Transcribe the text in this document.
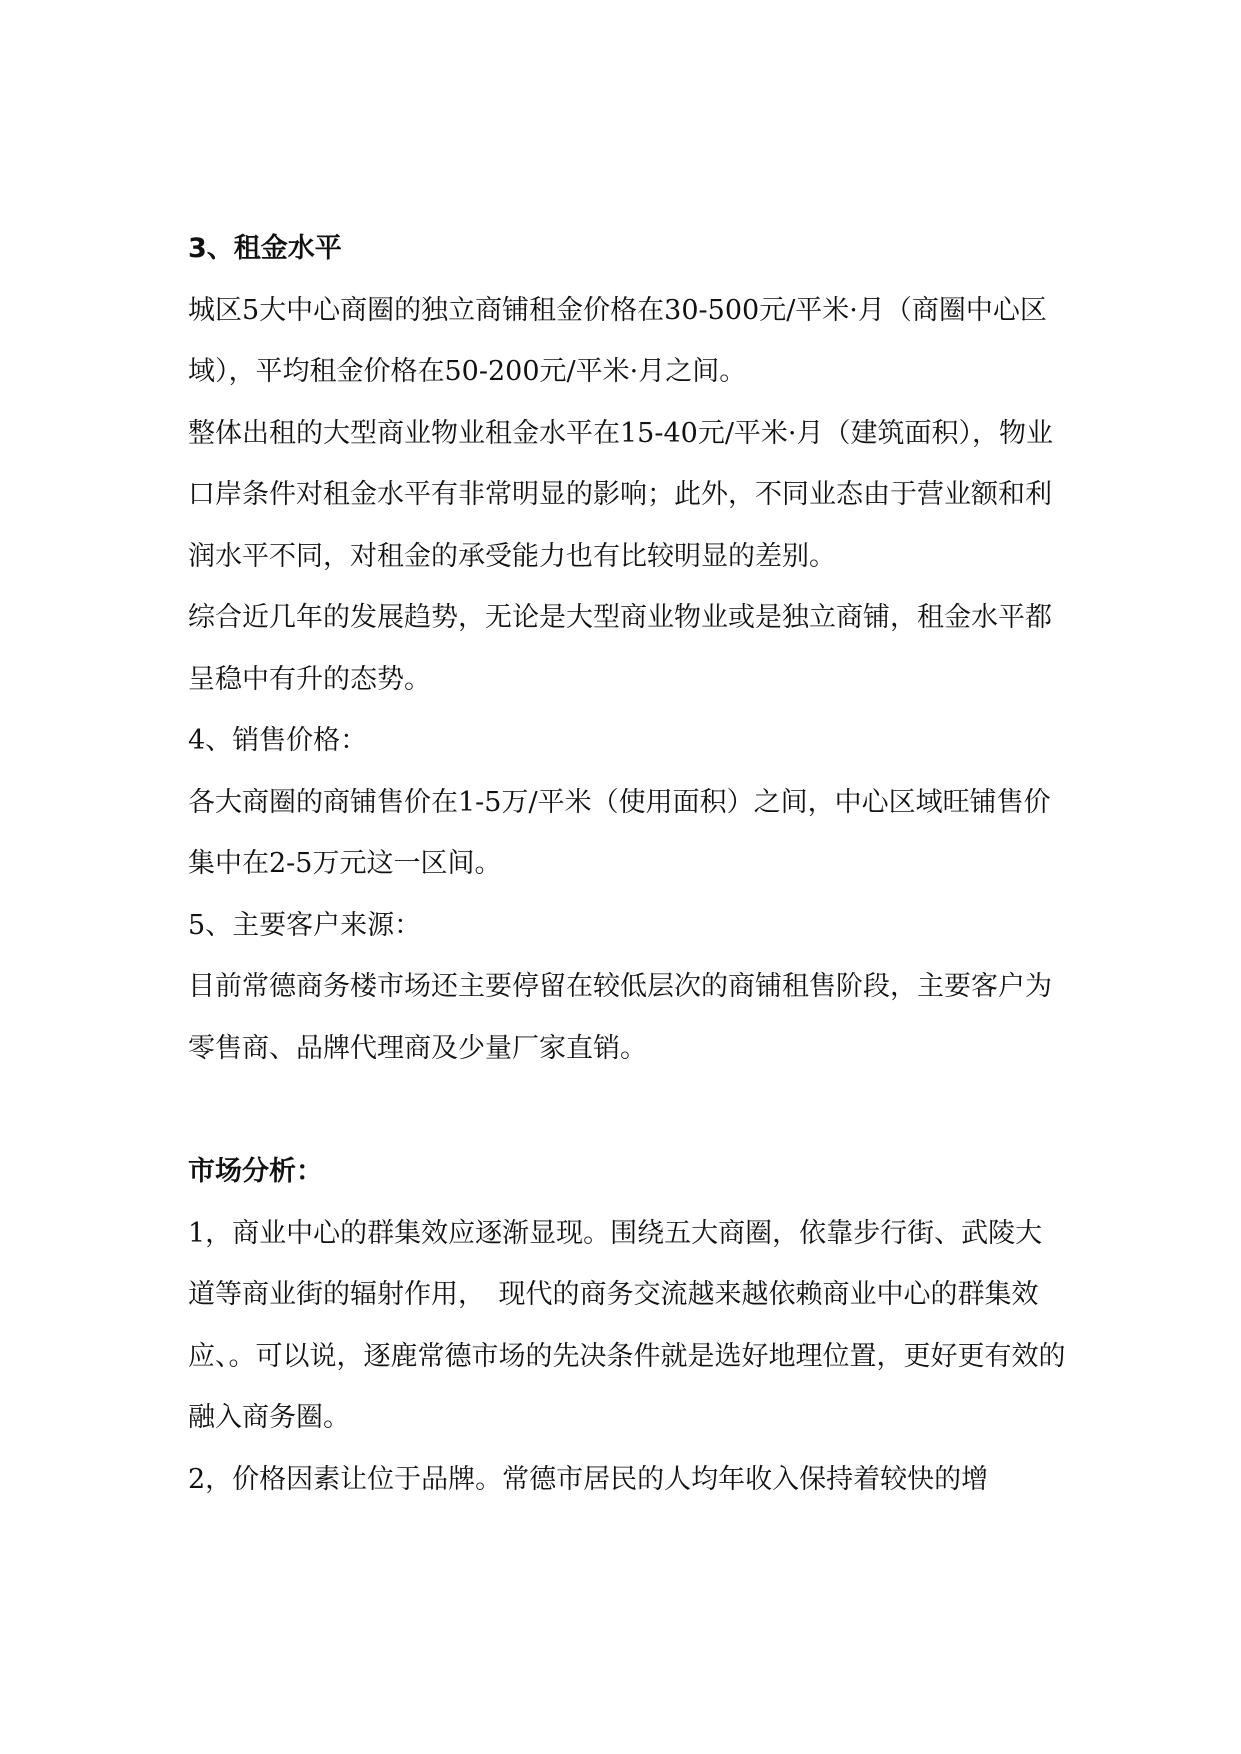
3、租金水平

城区5大中心商圈的独立商铺租金价格在30-500元/平米·月（商圈中心区域），平均租金价格在50-200元/平米·月之间。

整体出租的大型商业物业租金水平在15-40元/平米·月（建筑面积），物业口岸条件对租金水平有非常明显的影响；此外，不同业态由于营业额和利润水平不同，对租金的承受能力也有比较明显的差别。

综合近几年的发展趋势，无论是大型商业物业或是独立商铺，租金水平都呈稳中有升的态势。

4、销售价格：

各大商圈的商铺售价在1-5万/平米（使用面积）之间，中心区域旺铺售价集中在2-5万元这一区间。

5、主要客户来源：

目前常德商务楼市场还主要停留在较低层次的商铺租售阶段，主要客户为零售商、品牌代理商及少量厂家直销。

市场分析：

1，商业中心的群集效应逐渐显现。围绕五大商圈，依靠步行街、武陵大道等商业街的辐射作用，　现代的商务交流越来越依赖商业中心的群集效应、。可以说，逐鹿常德市场的先决条件就是选好地理位置，更好更有效的融入商务圈。

2，价格因素让位于品牌。常德市居民的人均年收入保持着较快的增
